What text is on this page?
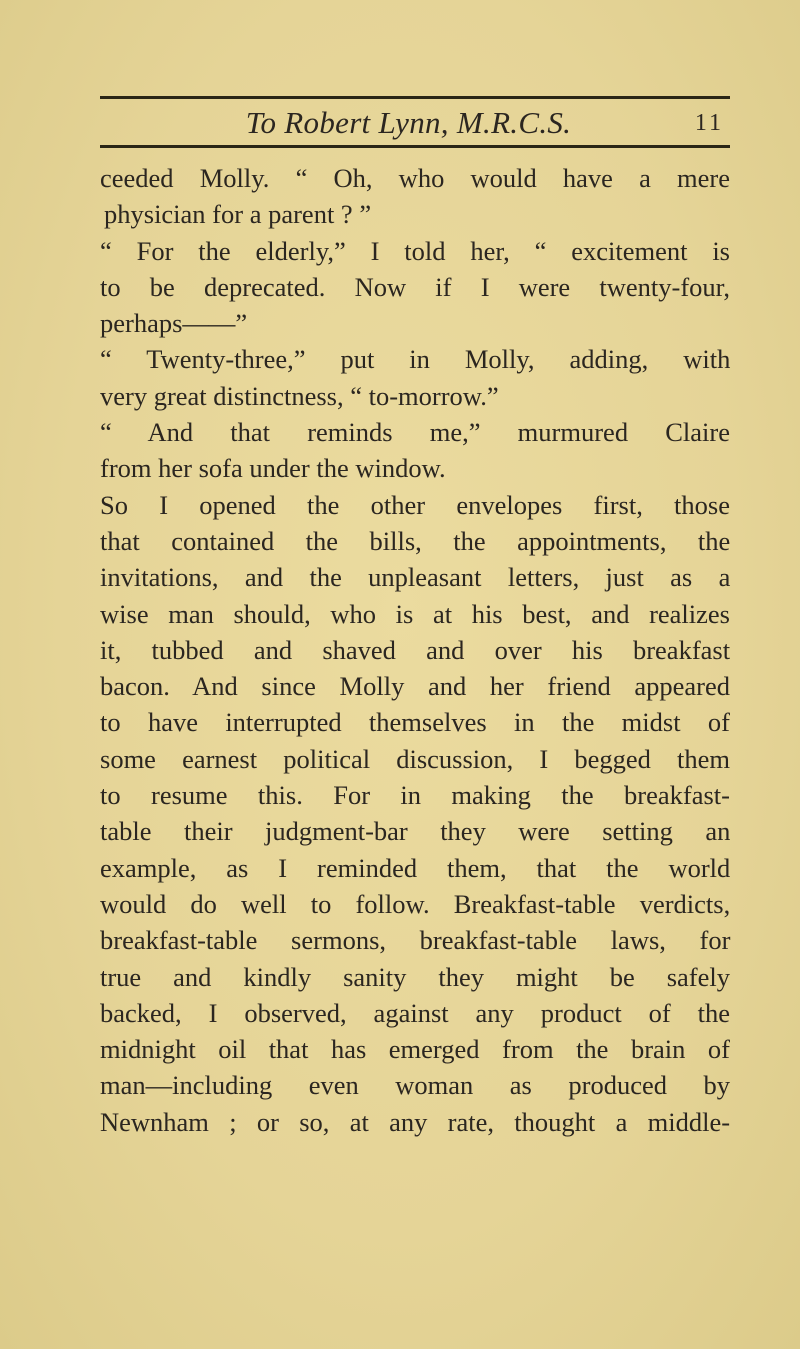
To Robert Lynn, M.R.C.S.	11
ceeded Molly. “ Oh, who would have a mere
physician for a parent ? ”
“ For the elderly,” I told her, “ excitement is
to be deprecated. Now if I were twenty-four,
perhaps——”
“ Twenty-three,” put in Molly, adding, with
very great distinctness, “ to-morrow.”
“ And that reminds me,” murmured Claire
from her sofa under the window.
So I opened the other envelopes first, those
that contained the bills, the appointments, the
invitations, and the unpleasant letters, just as a
wise man should, who is at his best, and realizes
it, tubbed and shaved and over his breakfast
bacon. And since Molly and her friend appeared
to have interrupted themselves in the midst of
some earnest political discussion, I begged them
to resume this. For in making the breakfast-
table their judgment-bar they were setting an
example, as I reminded them, that the world
would do well to follow. Breakfast-table verdicts,
breakfast-table sermons, breakfast-table laws, for
true and kindly sanity they might be safely
backed, I observed, against any product of the
midnight oil that has emerged from the brain of
man—including even woman as produced by
Newnham ; or so, at any rate, thought a middle-
